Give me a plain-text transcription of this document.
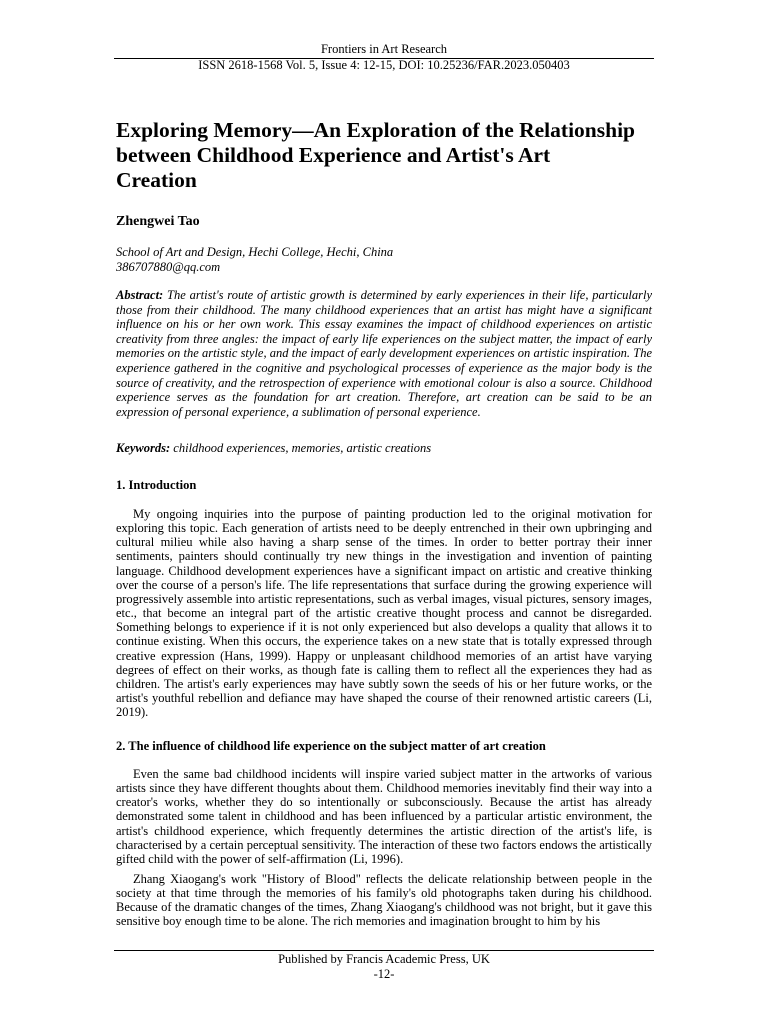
Frontiers in Art Research
ISSN 2618-1568 Vol. 5, Issue 4: 12-15, DOI: 10.25236/FAR.2023.050403
Exploring Memory—An Exploration of the Relationship between Childhood Experience and Artist's Art Creation
Zhengwei Tao
School of Art and Design, Hechi College, Hechi, China
386707880@qq.com

Abstract: The artist's route of artistic growth is determined by early experiences in their life, particularly those from their childhood. The many childhood experiences that an artist has might have a significant influence on his or her own work. This essay examines the impact of childhood experiences on artistic creativity from three angles: the impact of early life experiences on the subject matter, the impact of early memories on the artistic style, and the impact of early development experiences on artistic inspiration. The experience gathered in the cognitive and psychological processes of experience as the major body is the source of creativity, and the retrospection of experience with emotional colour is also a source. Childhood experience serves as the foundation for art creation. Therefore, art creation can be said to be an expression of personal experience, a sublimation of personal experience.

Keywords: childhood experiences, memories, artistic creations

1. Introduction

My ongoing inquiries into the purpose of painting production led to the original motivation for exploring this topic. Each generation of artists need to be deeply entrenched in their own upbringing and cultural milieu while also having a sharp sense of the times. In order to better portray their inner sentiments, painters should continually try new things in the investigation and invention of painting language. Childhood development experiences have a significant impact on artistic and creative thinking over the course of a person's life. The life representations that surface during the growing experience will progressively assemble into artistic representations, such as verbal images, visual pictures, sensory images, etc., that become an integral part of the artistic creative thought process and cannot be disregarded. Something belongs to experience if it is not only experienced but also develops a quality that allows it to continue existing. When this occurs, the experience takes on a new state that is totally expressed through creative expression (Hans, 1999). Happy or unpleasant childhood memories of an artist have varying degrees of effect on their works, as though fate is calling them to reflect all the experiences they had as children. The artist's early experiences may have subtly sown the seeds of his or her future works, or the artist's youthful rebellion and defiance may have shaped the course of their renowned artistic careers (Li, 2019).

2. The influence of childhood life experience on the subject matter of art creation

Even the same bad childhood incidents will inspire varied subject matter in the artworks of various artists since they have different thoughts about them. Childhood memories inevitably find their way into a creator's works, whether they do so intentionally or subconsciously. Because the artist has already demonstrated some talent in childhood and has been influenced by a particular artistic environment, the artist's childhood experience, which frequently determines the artistic direction of the artist's life, is characterised by a certain perceptual sensitivity. The interaction of these two factors endows the artistically gifted child with the power of self-affirmation (Li, 1996).

Zhang Xiaogang's work "History of Blood" reflects the delicate relationship between people in the society at that time through the memories of his family's old photographs taken during his childhood. Because of the dramatic changes of the times, Zhang Xiaogang's childhood was not bright, but it gave this sensitive boy enough time to be alone. The rich memories and imagination brought to him by his

Published by Francis Academic Press, UK
-12-
